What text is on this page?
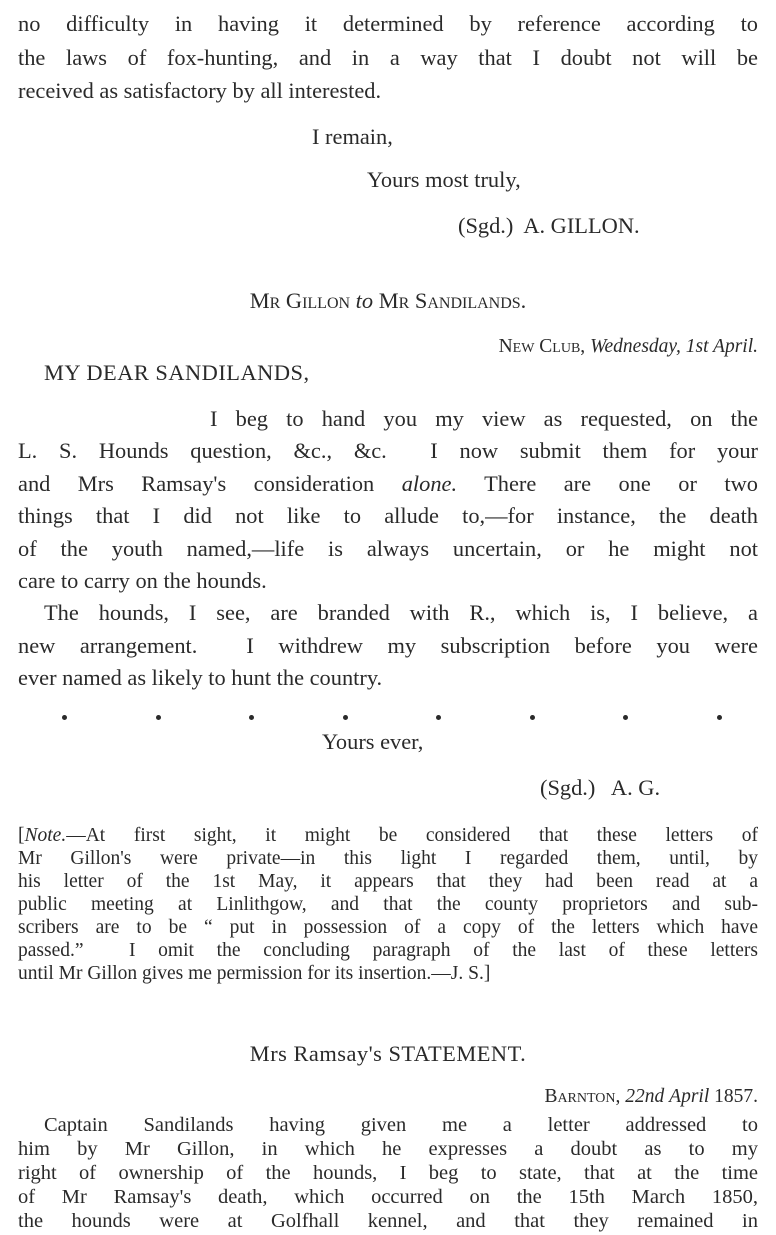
no difficulty in having it determined by reference according to
the laws of fox-hunting, and in a way that I doubt not will be
received as satisfactory by all interested.
I remain,
Yours most truly,
(Sgd.)  A. GILLON.
Mr Gillon to Mr Sandilands.
New Club, Wednesday, 1st April.
MY DEAR SANDILANDS,
I beg to hand you my view as requested, on the
L. S. Hounds question, &c., &c.  I now submit them for your
and Mrs Ramsay's consideration alone. There are one or two
things that I did not like to allude to,—for instance, the death
of the youth named,—life is always uncertain, or he might not
care to carry on the hounds.
The hounds, I see, are branded with R., which is, I believe, a
new arrangement.  I withdrew my subscription before you were
ever named as likely to hunt the country.
Yours ever,
(Sgd.)   A. G.
[Note.—At first sight, it might be considered that these letters of
Mr Gillon's were private—in this light I regarded them, until, by
his letter of the 1st May, it appears that they had been read at a
public meeting at Linlithgow, and that the county proprietors and sub-
scribers are to be “ put in possession of a copy of the letters which have
passed.”  I omit the concluding paragraph of the last of these letters
until Mr Gillon gives me permission for its insertion.—J. S.]
Mrs Ramsay's STATEMENT.
Barnton, 22nd April 1857.
Captain Sandilands having given me a letter addressed to
him by Mr Gillon, in which he expresses a doubt as to my
right of ownership of the hounds, I beg to state, that at the time
of Mr Ramsay's death, which occurred on the 15th March 1850,
the hounds were at Golfhall kennel, and that they remained in
